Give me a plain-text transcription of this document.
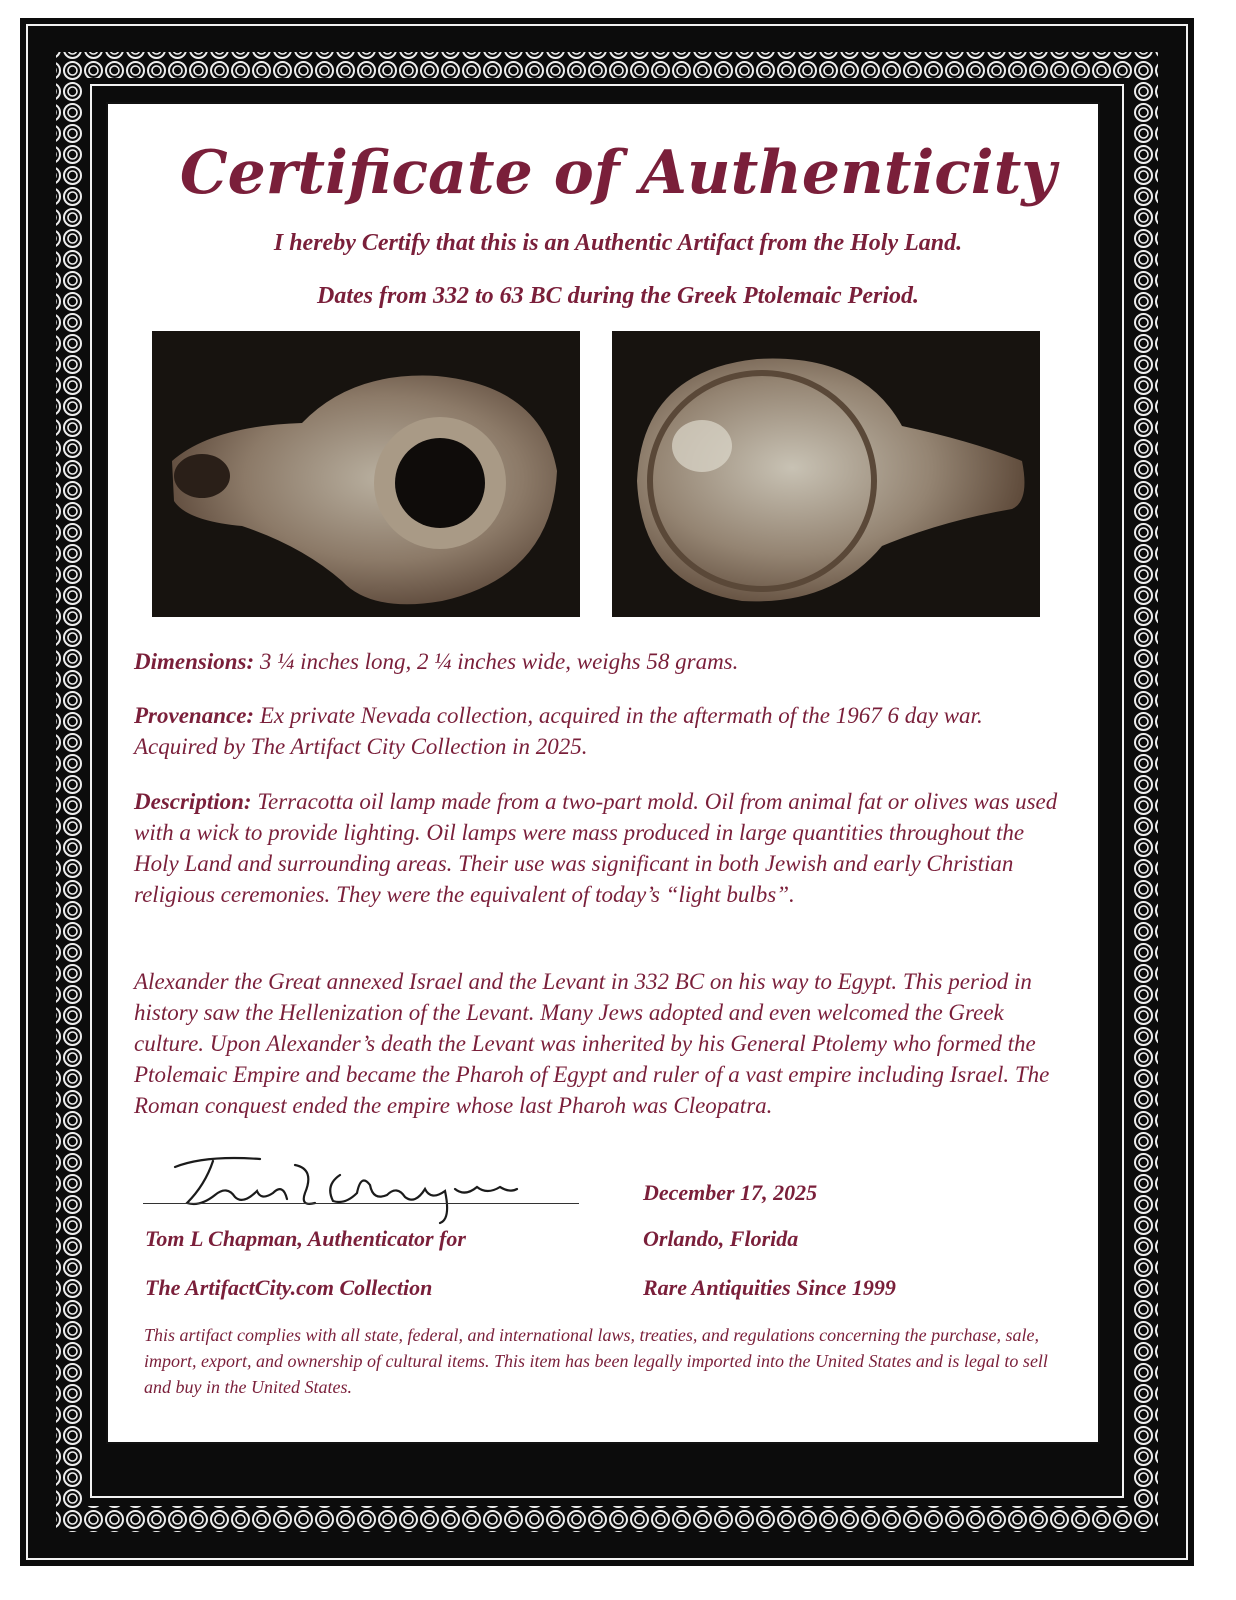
Certificate of Authenticity
I hereby Certify that this is an Authentic Artifact from the Holy Land.
Dates from 332 to 63 BC during the Greek Ptolemaic Period.
Dimensions: 3 ¼ inches long, 2 ¼ inches wide, weighs 58 grams.
Provenance: Ex private Nevada collection, acquired in the aftermath of the 1967 6 day war. Acquired by The Artifact City Collection in 2025.
Description: Terracotta oil lamp made from a two-part mold. Oil from animal fat or olives was used with a wick to provide lighting. Oil lamps were mass produced in large quantities throughout the Holy Land and surrounding areas. Their use was significant in both Jewish and early Christian religious ceremonies. They were the equivalent of today’s “light bulbs”.
Alexander the Great annexed Israel and the Levant in 332 BC on his way to Egypt. This period in history saw the Hellenization of the Levant. Many Jews adopted and even welcomed the Greek culture. Upon Alexander’s death the Levant was inherited by his General Ptolemy who formed the Ptolemaic Empire and became the Pharoh of Egypt and ruler of a vast empire including Israel. The Roman conquest ended the empire whose last Pharoh was Cleopatra.
Tom L Chapman, Authenticator for
The ArtifactCity.com Collection
December 17, 2025
Orlando, Florida
Rare Antiquities Since 1999
This artifact complies with all state, federal, and international laws, treaties, and regulations concerning the purchase, sale, import, export, and ownership of cultural items. This item has been legally imported into the United States and is legal to sell and buy in the United States.
